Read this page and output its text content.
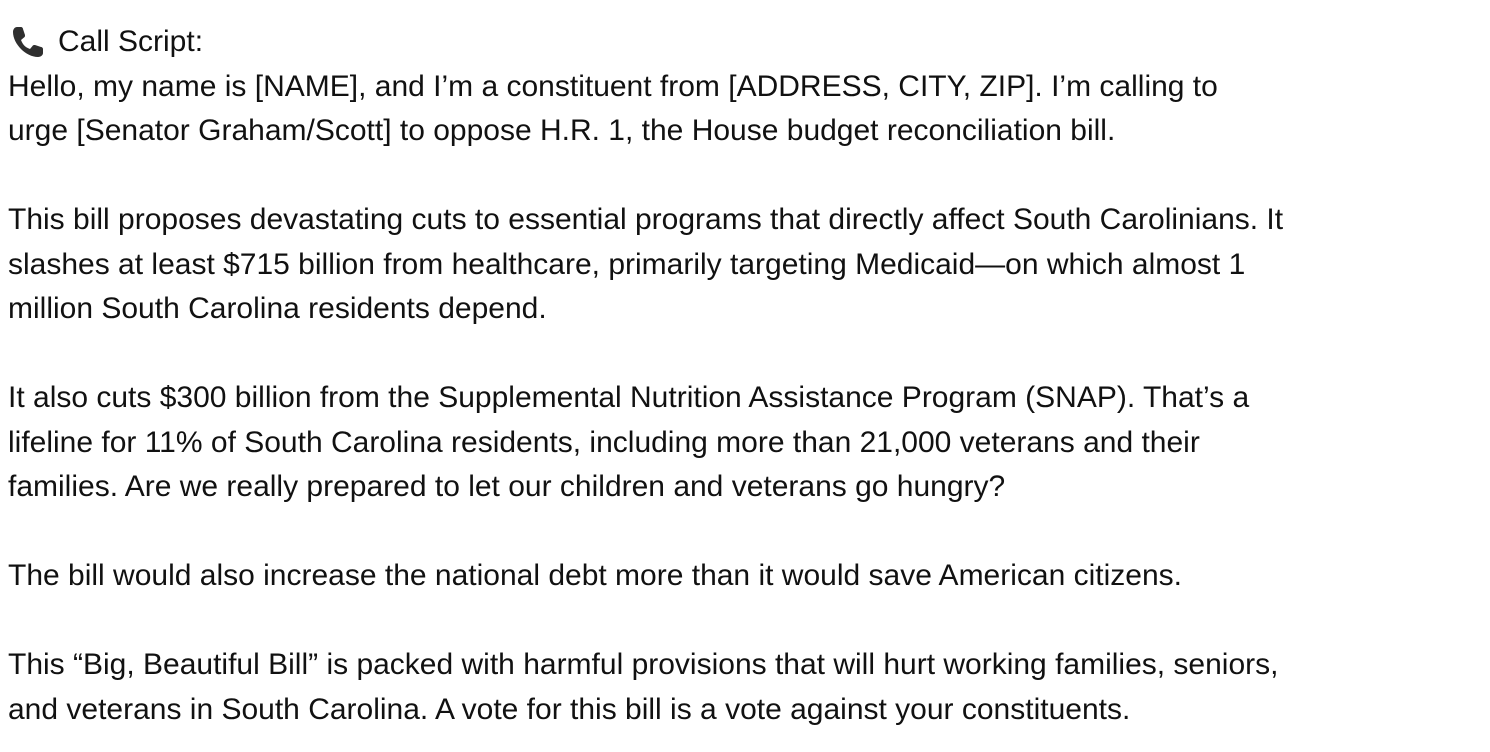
Call Script:

Hello, my name is [NAME], and I’m a constituent from [ADDRESS, CITY, ZIP]. I’m calling to
urge [Senator Graham/Scott] to oppose H.R. 1, the House budget reconciliation bill.

This bill proposes devastating cuts to essential programs that directly affect South Carolinians. It
slashes at least $715 billion from healthcare, primarily targeting Medicaid—on which almost 1
million South Carolina residents depend.

It also cuts $300 billion from the Supplemental Nutrition Assistance Program (SNAP). That’s a
lifeline for 11% of South Carolina residents, including more than 21,000 veterans and their
families. Are we really prepared to let our children and veterans go hungry?

The bill would also increase the national debt more than it would save American citizens.

This “Big, Beautiful Bill” is packed with harmful provisions that will hurt working families, seniors,
and veterans in South Carolina. A vote for this bill is a vote against your constituents.
